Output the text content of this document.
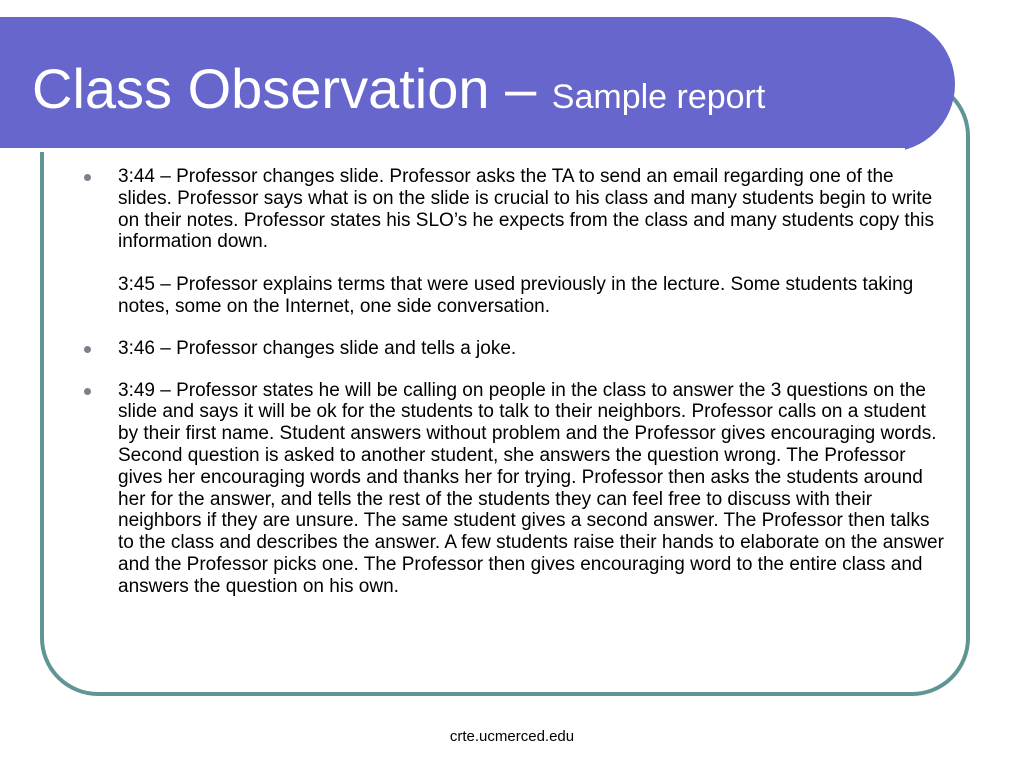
Class Observation – Sample report
3:44 – Professor changes slide. Professor asks the TA to send an email regarding one of the slides. Professor says what is on the slide is crucial to his class and many students begin to write on their notes. Professor states his SLO’s he expects from the class and many students copy this information down.
3:45 – Professor explains terms that were used previously in the lecture. Some students taking notes, some on the Internet, one side conversation.
3:46 – Professor changes slide and tells a joke.
3:49 – Professor states he will be calling on people in the class to answer the 3 questions on the slide and says it will be ok for the students to talk to their neighbors. Professor calls on a student by their first name. Student answers without problem and the Professor gives encouraging words. Second question is asked to another student, she answers the question wrong. The Professor gives her encouraging words and thanks her for trying. Professor then asks the students around her for the answer, and tells the rest of the students they can feel free to discuss with their neighbors if they are unsure. The same student gives a second answer. The Professor then talks to the class and describes the answer. A few students raise their hands to elaborate on the answer and the Professor picks one. The Professor then gives encouraging word to the entire class and answers the question on his own.
crte.ucmerced.edu
